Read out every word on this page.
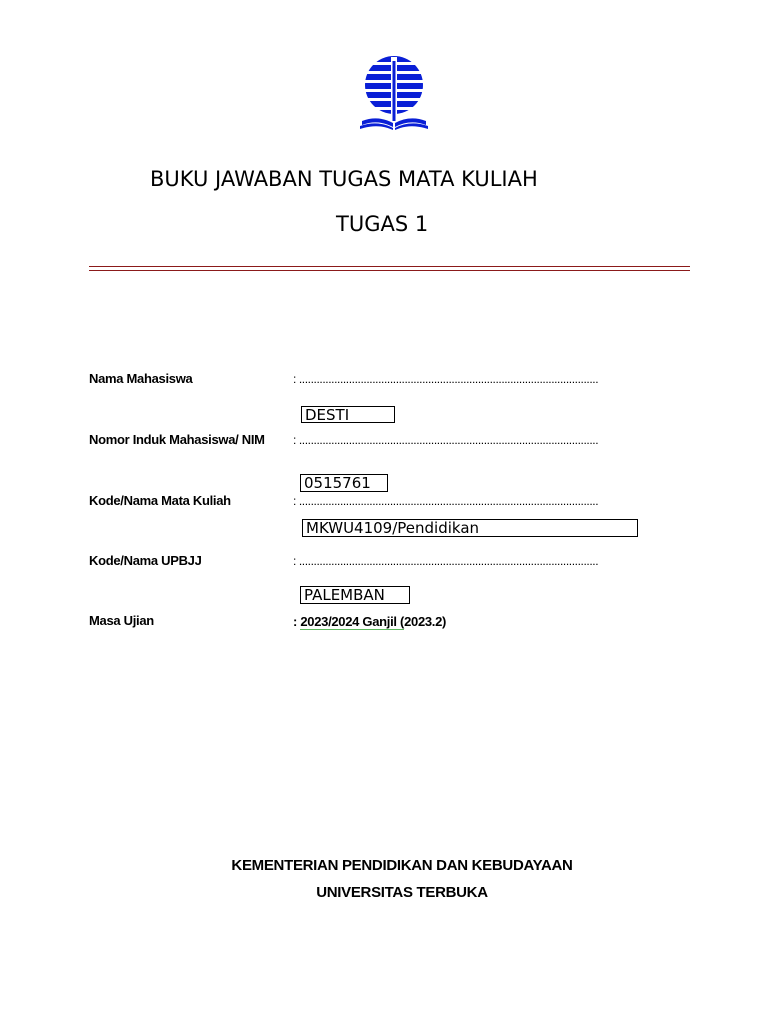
BUKU JAWABAN TUGAS MATA KULIAH
TUGAS 1
Nama Mahasiswa	: ......................................................................................................
DESTI
Nomor Induk Mahasiswa/ NIM : ......................................................................................................
0515761
Kode/Nama Mata Kuliah	: ......................................................................................................
MKWU4109/Pendidikan
Kode/Nama UPBJJ	: ......................................................................................................
PALEMBAN
Masa Ujian	: 2023/2024 Ganjil (2023.2)
KEMENTERIAN PENDIDIKAN DAN KEBUDAYAAN
UNIVERSITAS TERBUKA
